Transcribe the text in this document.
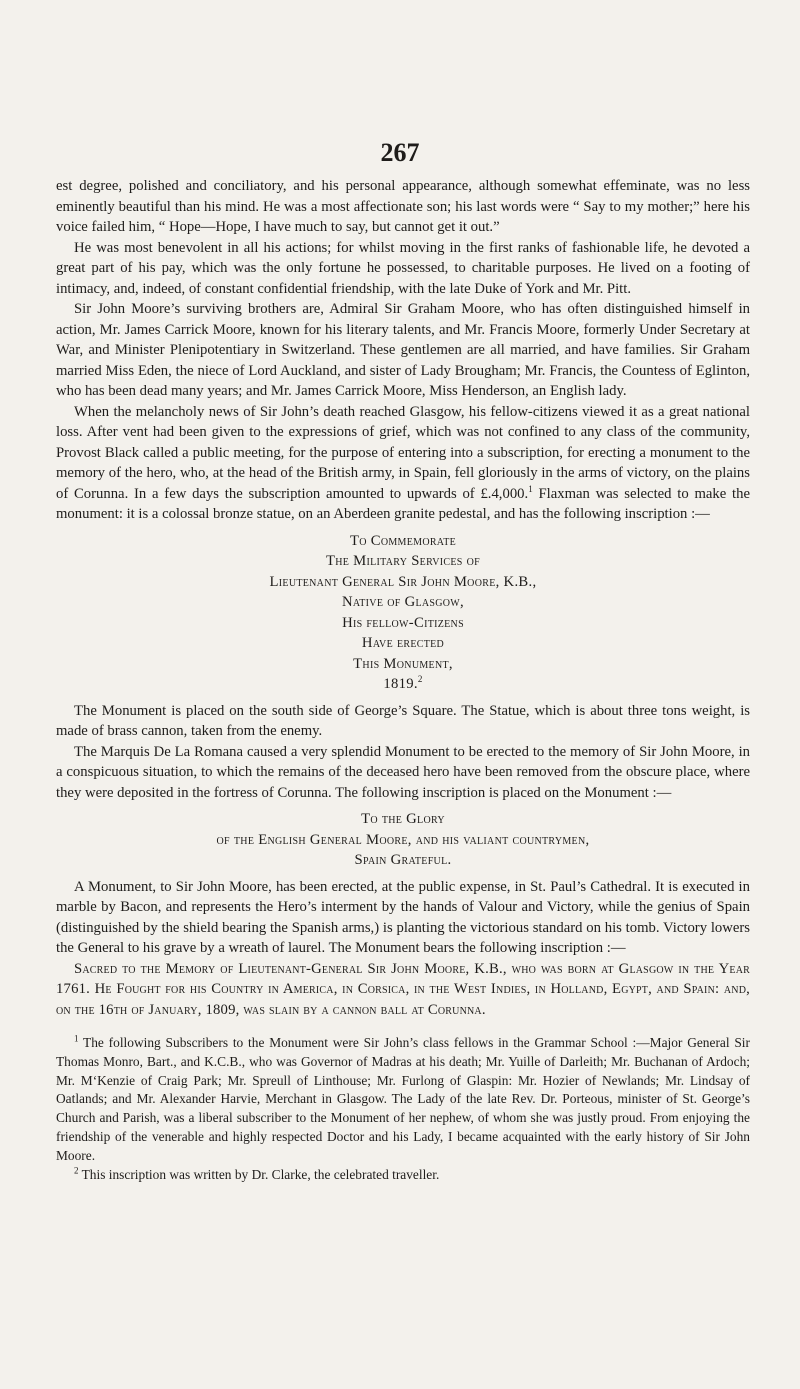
267

est degree, polished and conciliatory, and his personal appearance, although somewhat effeminate, was no less eminently beautiful than his mind. He was a most affectionate son; his last words were “ Say to my mother;” here his voice failed him, “ Hope—Hope, I have much to say, but cannot get it out.”

He was most benevolent in all his actions; for whilst moving in the first ranks of fashionable life, he devoted a great part of his pay, which was the only fortune he possessed, to charitable purposes. He lived on a footing of intimacy, and, indeed, of constant confidential friendship, with the late Duke of York and Mr. Pitt.

Sir John Moore’s surviving brothers are, Admiral Sir Graham Moore, who has often distinguished himself in action, Mr. James Carrick Moore, known for his literary talents, and Mr. Francis Moore, formerly Under Secretary at War, and Minister Plenipotentiary in Switzerland. These gentlemen are all married, and have families. Sir Graham married Miss Eden, the niece of Lord Auckland, and sister of Lady Brougham; Mr. Francis, the Countess of Eglinton, who has been dead many years; and Mr. James Carrick Moore, Miss Henderson, an English lady.

When the melancholy news of Sir John’s death reached Glasgow, his fellow-citizens viewed it as a great national loss. After vent had been given to the expressions of grief, which was not confined to any class of the community, Provost Black called a public meeting, for the purpose of entering into a subscription, for erecting a monument to the memory of the hero, who, at the head of the British army, in Spain, fell gloriously in the arms of victory, on the plains of Corunna. In a few days the subscription amounted to upwards of £.4,000.$^1$ Flaxman was selected to make the monument: it is a colossal bronze statue, on an Aberdeen granite pedestal, and has the following inscription :—

To Commemorate
The Military Services of
Lieutenant General Sir John Moore, K.B.,
Native of Glasgow,
His fellow-Citizens
Have erected
This Monument,
1819.$^2$

The Monument is placed on the south side of George’s Square. The Statue, which is about three tons weight, is made of brass cannon, taken from the enemy.

The Marquis De La Romana caused a very splendid Monument to be erected to the memory of Sir John Moore, in a conspicuous situation, to which the remains of the deceased hero have been removed from the obscure place, where they were deposited in the fortress of Corunna. The following inscription is placed on the Monument :—

To the Glory
of the English General Moore, and his valiant countrymen,
Spain Grateful.

A Monument, to Sir John Moore, has been erected, at the public expense, in St. Paul’s Cathedral. It is executed in marble by Bacon, and represents the Hero’s interment by the hands of Valour and Victory, while the genius of Spain (distinguished by the shield bearing the Spanish arms,) is planting the victorious standard on his tomb. Victory lowers the General to his grave by a wreath of laurel. The Monument bears the following inscription :—

Sacred to the Memory of Lieutenant-General Sir John Moore, K.B., who was born at Glasgow in the Year 1761. He Fought for his Country in America, in Corsica, in the West Indies, in Holland, Egypt, and Spain: and, on the 16th of January, 1809, was slain by a cannon ball at Corunna.

$^1$ The following Subscribers to the Monument were Sir John’s class fellows in the Grammar School :—Major General Sir Thomas Monro, Bart., and K.C.B., who was Governor of Madras at his death; Mr. Yuille of Darleith; Mr. Buchanan of Ardoch; Mr. M‘Kenzie of Craig Park; Mr. Spreull of Linthouse; Mr. Furlong of Glaspin: Mr. Hozier of Newlands; Mr. Lindsay of Oatlands; and Mr. Alexander Harvie, Merchant in Glasgow. The Lady of the late Rev. Dr. Porteous, minister of St. George’s Church and Parish, was a liberal subscriber to the Monument of her nephew, of whom she was justly proud. From enjoying the friendship of the venerable and highly respected Doctor and his Lady, I became acquainted with the early history of Sir John Moore.

$^2$ This inscription was written by Dr. Clarke, the celebrated traveller.
